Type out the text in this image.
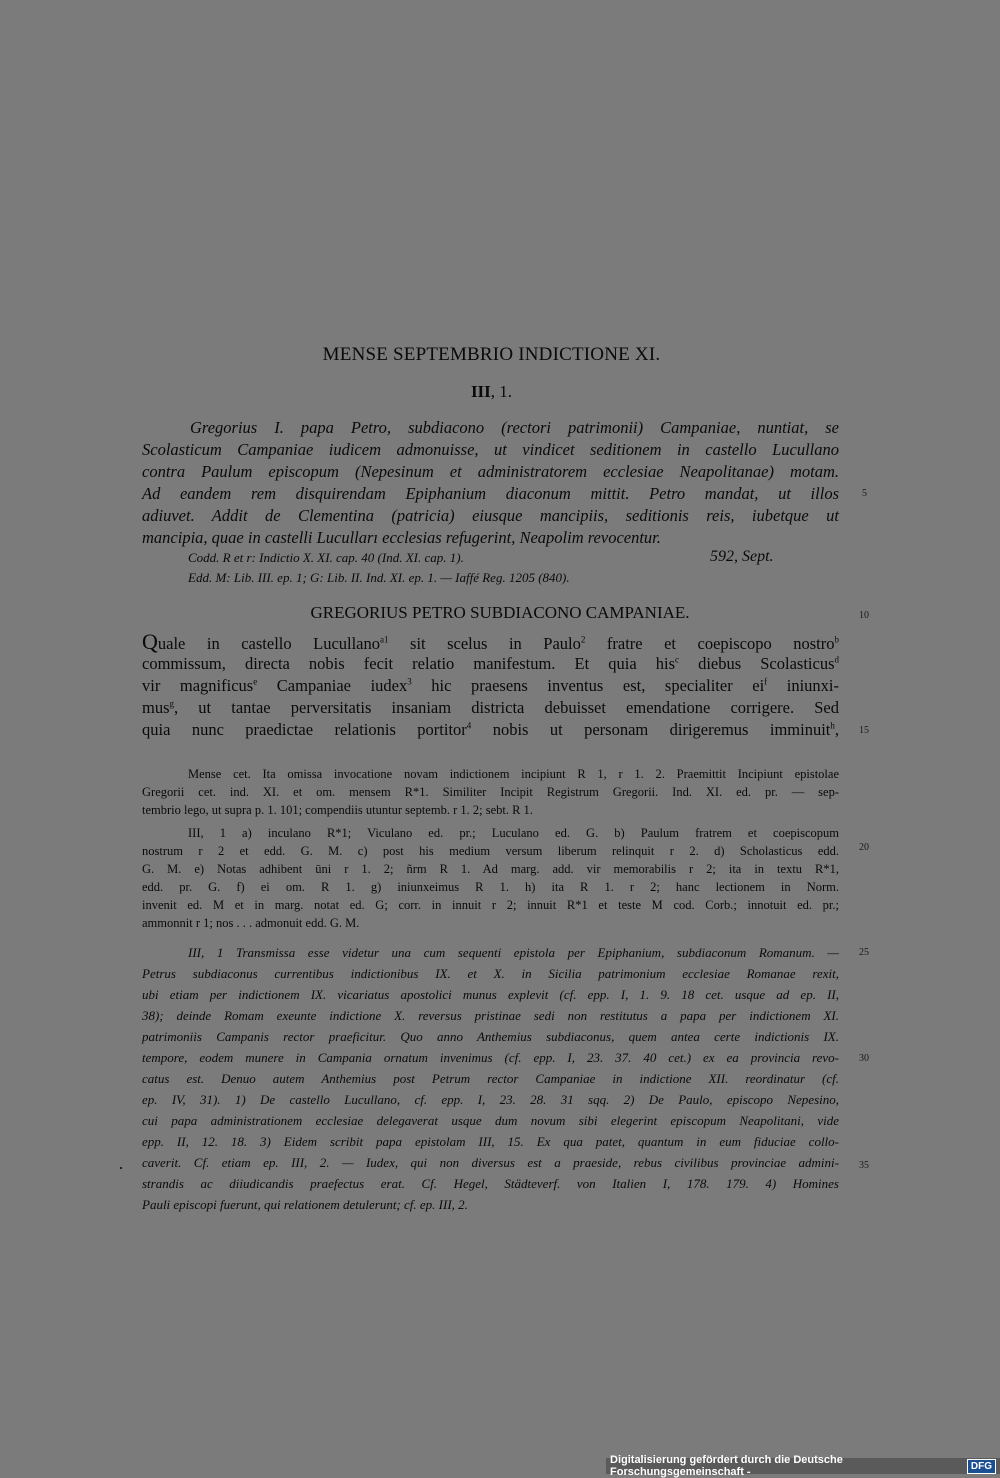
MENSE SEPTEMBRIO INDICTIONE XI.
III, 1.
Gregorius I. papa Petro, subdiacono (rectori patrimonii) Campaniae, nuntiat, se
Scolasticum Campaniae iudicem admonuisse, ut vindicet seditionem in castello Lucullano
contra Paulum episcopum (Nepesinum et administratorem ecclesiae Neapolitanae) motam.
Ad eandem rem disquirendam Epiphanium diaconum mittit. Petro mandat, ut illos
adiuvet. Addit de Clementina (patricia) eiusque mancipiis, seditionis reis, iubetque ut
mancipia, quae in castelli Luculları ecclesias refugerint, Neapolim revocentur.
Codd. R et r: Indictio X. XI. cap. 40 (Ind. XI. cap. 1).	592, Sept.
Edd. M: Lib. III. ep. 1; G: Lib. II. Ind. XI. ep. 1. — Iaffé Reg. 1205 (840).
GREGORIUS PETRO SUBDIACONO CAMPANIAE.
Quale in castello Lucullano$^{a1}$ sit scelus in Paulo$^2$ fratre et coepiscopo nostro$^b$
commissum, directa nobis fecit relatio manifestum. Et quia his$^c$ diebus Scolasticus$^d$
vir magnificus$^e$ Campaniae iudex$^3$ hic praesens inventus est, specialiter $ei^f$ iniunxi-
mus$^g$, ut tantae perversitatis insaniam districta debuisset emendatione corrigere. Sed
quia nunc praedictae relationis portitor$^4$ nobis ut personam dirigeremus imminuit$^h$,
Mense cet. Ita omissa invocatione novam indictionem incipiunt R 1, r 1. 2. Praemittit Incipiunt epistolae
Gregorii cet. ind. XI. et om. mensem R*1. Similiter Incipit Registrum Gregorii. Ind. XI. ed. pr. — sep-
tembrio lego, ut supra p. 1. 101; compendiis utuntur septemb. r 1. 2; sebt. R 1.
III, 1 a) inculano R*1; Viculano ed. pr.; Luculano ed. G. b) Paulum fratrem et coepiscopum
nostrum r 2 et edd. G. M. c) post his medium versum liberum relinquit r 2. d) Scholasticus edd.
G. M. e) Notas adhibent ūni r 1. 2; ñrm R 1. Ad marg. add. vir memorabilis r 2; ita in textu R*1,
edd. pr. G. f) ei om. R 1. g) iniunxeimus R 1. h) ita R 1. r 2; hanc lectionem in Norm.
invenit ed. M et in marg. notat ed. G; corr. in innuit r 2; innuit R*1 et teste M cod. Corb.; innotuit ed. pr.;
ammonnit r 1; nos . . . admonuit edd. G. M.
III, 1 Transmissa esse videtur una cum sequenti epistola per Epiphanium, subdiaconum Romanum. —
Petrus subdiaconus currentibus indictionibus IX. et X. in Sicilia patrimonium ecclesiae Romanae rexit,
ubi etiam per indictionem IX. vicariatus apostolici munus explevit (cf. epp. I, 1. 9. 18 cet. usque ad ep. II,
38); deinde Romam exeunte indictione X. reversus pristinae sedi non restitutus a papa per indictionem XI.
patrimoniis Campanis rector praeficitur. Quo anno Anthemius subdiaconus, quem antea certe indictionis IX.
tempore, eodem munere in Campania ornatum invenimus (cf. epp. I, 23. 37. 40 cet.) ex ea provincia revo-
catus est. Denuo autem Anthemius post Petrum rector Campaniae in indictione XII. reordinatur (cf.
ep. IV, 31). 1) De castello Lucullano, cf. epp. I, 23. 28. 31 sqq. 2) De Paulo, episcopo Nepesino,
cui papa administrationem ecclesiae delegaverat usque dum novum sibi elegerint episcopum Neapolitani, vide
epp. II, 12. 18. 3) Eidem scribit papa epistolam III, 15. Ex qua patet, quantum in eum fiduciae collo-
caverit. Cf. etiam ep. III, 2. — Iudex, qui non diversus est a praeside, rebus civilibus provinciae admini-
strandis ac diiudicandis praefectus erat. Cf. Hegel, Städteverf. von Italien I, 178. 179. 4) Homines
Pauli episcopi fuerunt, qui relationem detulerunt; cf. ep. III, 2.
5
10
15
20
25
30
35
Digitalisierung gefördert durch die Deutsche Forschungsgemeinschaft -	DFG
